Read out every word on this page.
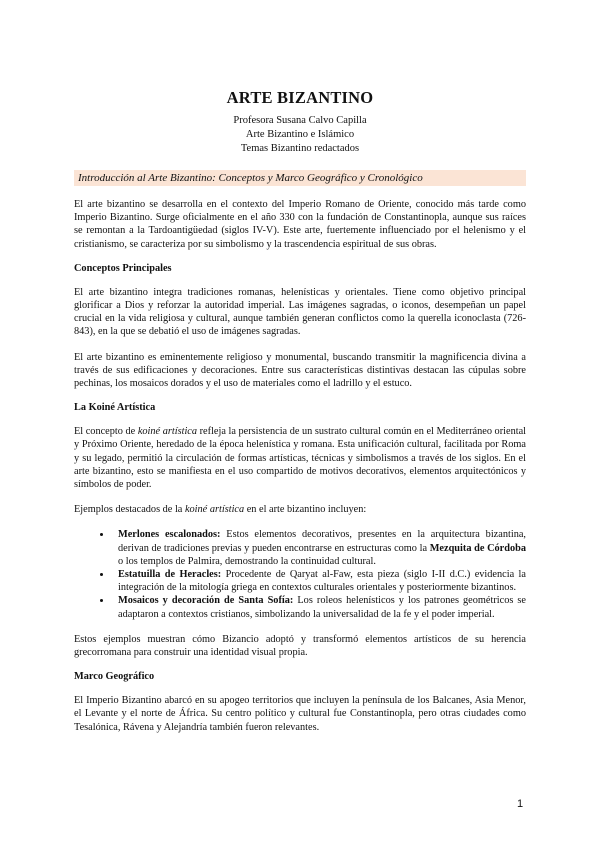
ARTE BIZANTINO

Profesora Susana Calvo Capilla

Arte Bizantino e Islámico

Temas Bizantino redactados

Introducción al Arte Bizantino: Conceptos y Marco Geográfico y Cronológico

El arte bizantino se desarrolla en el contexto del Imperio Romano de Oriente, conocido más tarde como Imperio Bizantino. Surge oficialmente en el año 330 con la fundación de Constantinopla, aunque sus raíces se remontan a la Tardoantigüedad (siglos IV-V). Este arte, fuertemente influenciado por el helenismo y el cristianismo, se caracteriza por su simbolismo y la trascendencia espiritual de sus obras.

Conceptos Principales

El arte bizantino integra tradiciones romanas, helenísticas y orientales. Tiene como objetivo principal glorificar a Dios y reforzar la autoridad imperial. Las imágenes sagradas, o iconos, desempeñan un papel crucial en la vida religiosa y cultural, aunque también generan conflictos como la querella iconoclasta (726-843), en la que se debatió el uso de imágenes sagradas.

El arte bizantino es eminentemente religioso y monumental, buscando transmitir la magnificencia divina a través de sus edificaciones y decoraciones. Entre sus características distintivas destacan las cúpulas sobre pechinas, los mosaicos dorados y el uso de materiales como el ladrillo y el estuco.

La Koiné Artística

El concepto de koiné artística refleja la persistencia de un sustrato cultural común en el Mediterráneo oriental y Próximo Oriente, heredado de la época helenística y romana. Esta unificación cultural, facilitada por Roma y su legado, permitió la circulación de formas artísticas, técnicas y simbolismos a través de los siglos. En el arte bizantino, esto se manifiesta en el uso compartido de motivos decorativos, elementos arquitectónicos y símbolos de poder.

Ejemplos destacados de la koiné artística en el arte bizantino incluyen:

• Merlones escalonados: Estos elementos decorativos, presentes en la arquitectura bizantina, derivan de tradiciones previas y pueden encontrarse en estructuras como la Mezquita de Córdoba o los templos de Palmira, demostrando la continuidad cultural.
• Estatuilla de Heracles: Procedente de Qaryat al-Faw, esta pieza (siglo I-II d.C.) evidencia la integración de la mitología griega en contextos culturales orientales y posteriormente bizantinos.
• Mosaicos y decoración de Santa Sofía: Los roleos helenísticos y los patrones geométricos se adaptaron a contextos cristianos, simbolizando la universalidad de la fe y el poder imperial.

Estos ejemplos muestran cómo Bizancio adoptó y transformó elementos artísticos de su herencia grecorromana para construir una identidad visual propia.

Marco Geográfico

El Imperio Bizantino abarcó en su apogeo territorios que incluyen la península de los Balcanes, Asia Menor, el Levante y el norte de África. Su centro político y cultural fue Constantinopla, pero otras ciudades como Tesalónica, Rávena y Alejandría también fueron relevantes.

1
